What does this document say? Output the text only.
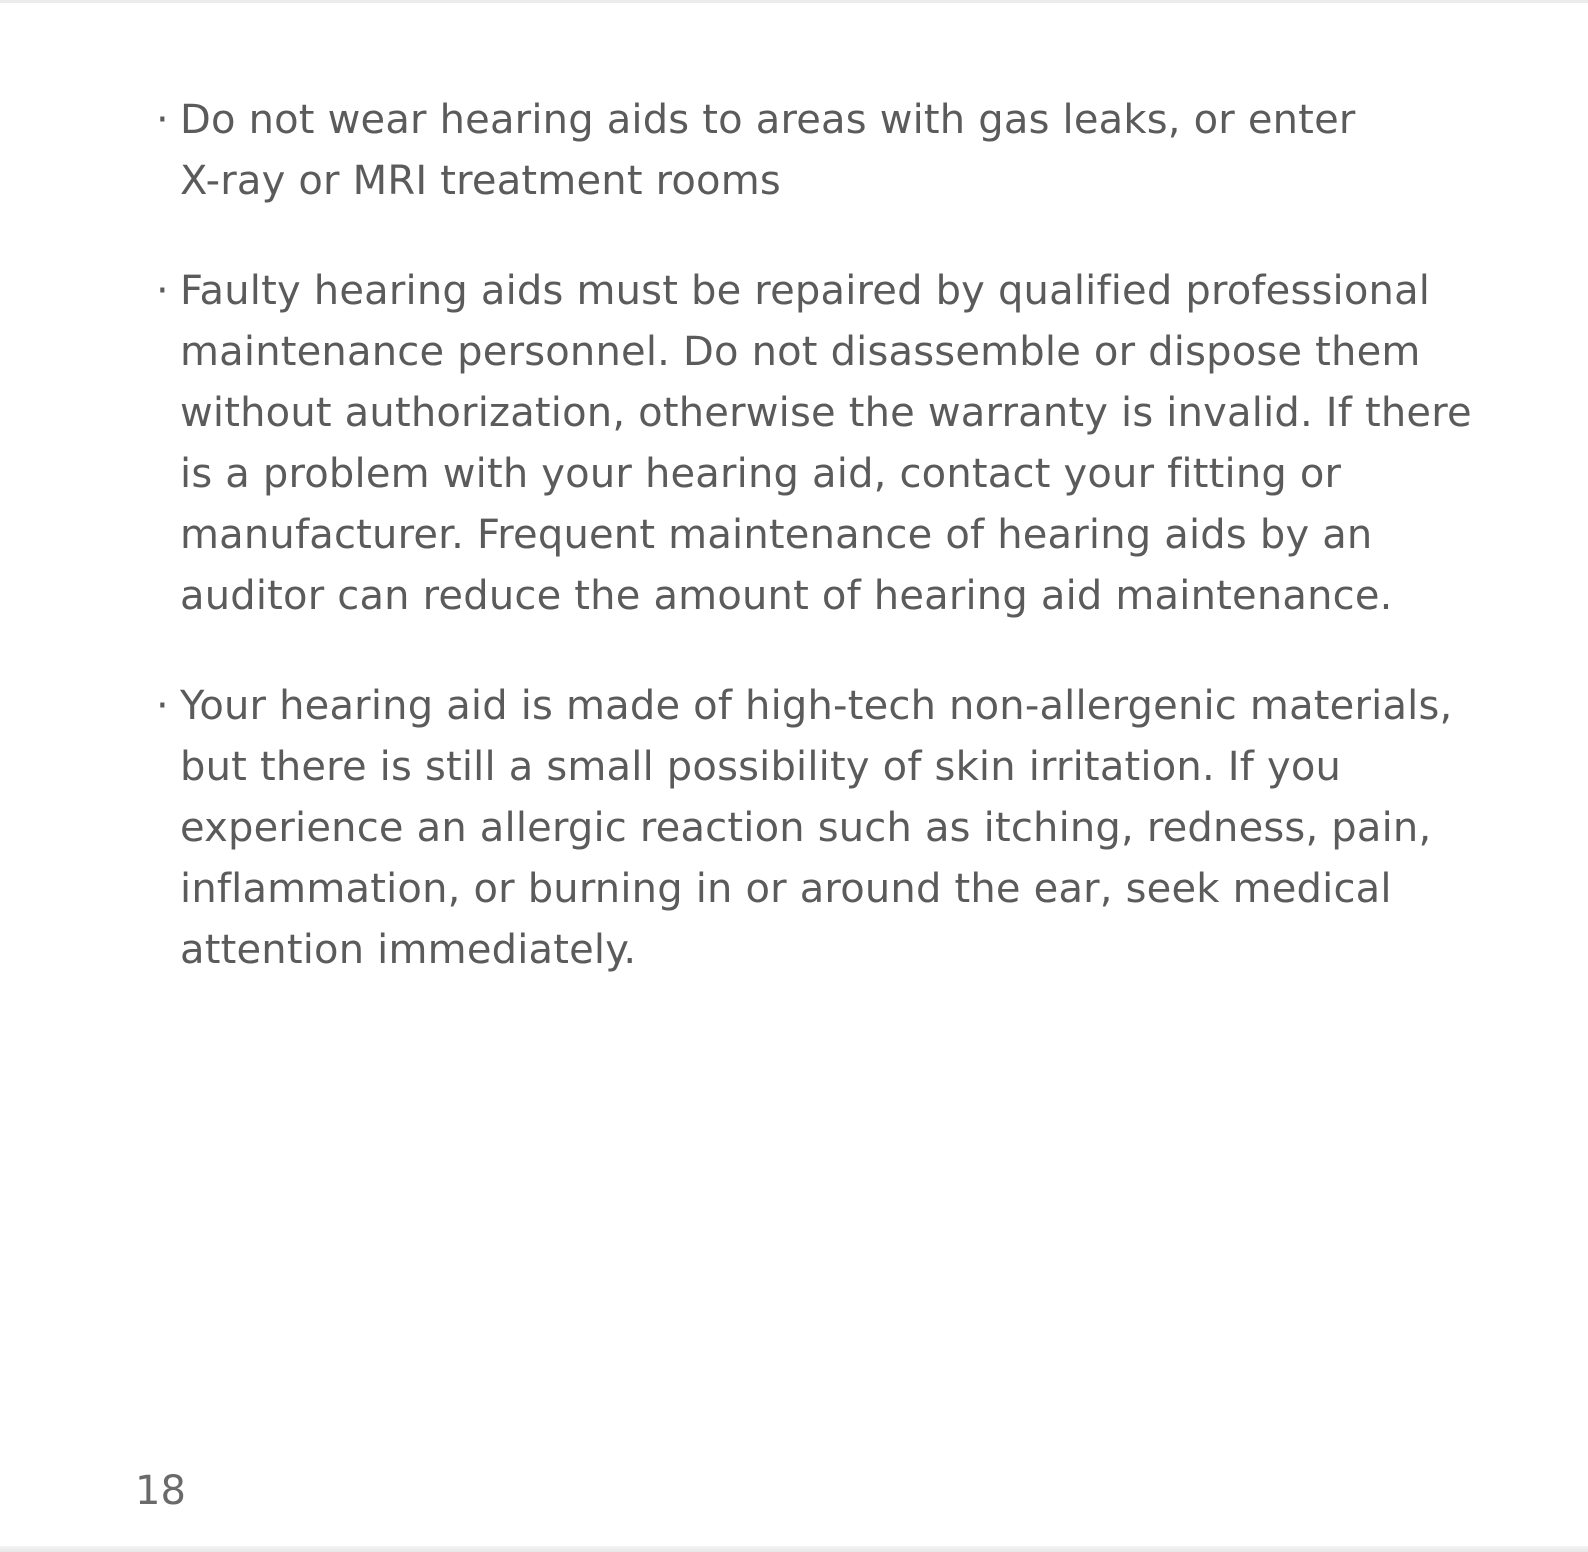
· Do not wear hearing aids to areas with gas leaks, or enter
X-ray or MRI treatment rooms
· Faulty hearing aids must be repaired by qualified professional
maintenance personnel. Do not disassemble or dispose them
without authorization, otherwise the warranty is invalid. If there
is a problem with your hearing aid, contact your fitting or
manufacturer. Frequent maintenance of hearing aids by an
auditor can reduce the amount of hearing aid maintenance.
· Your hearing aid is made of high-tech non-allergenic materials,
but there is still a small possibility of skin irritation. If you
experience an allergic reaction such as itching, redness, pain,
inflammation, or burning in or around the ear, seek medical
attention immediately.
18
